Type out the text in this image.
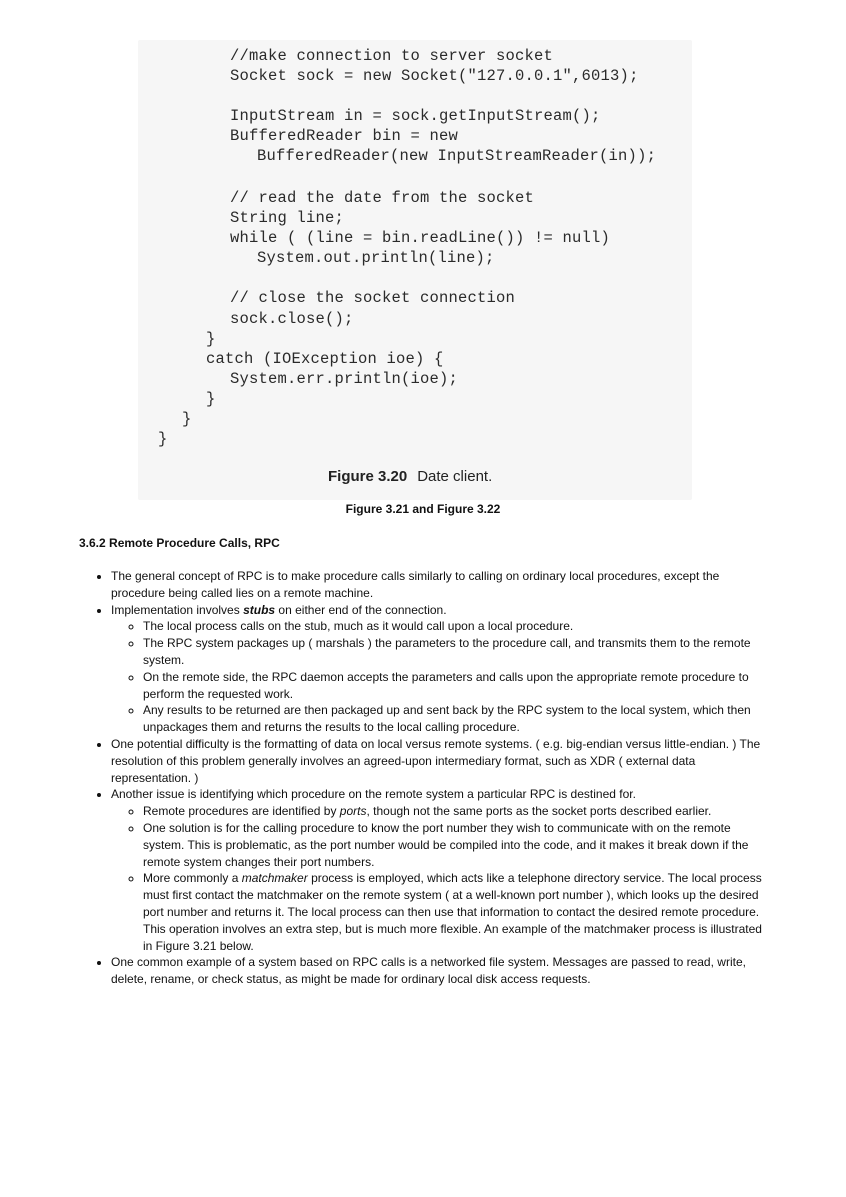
//make connection to server socket
Socket sock = new Socket("127.0.0.1",6013);
InputStream in = sock.getInputStream();
BufferedReader bin = new
BufferedReader(new InputStreamReader(in));
// read the date from the socket
String line;
while ( (line = bin.readLine()) != null)
System.out.println(line);
// close the socket connection
sock.close();
}
catch (IOException ioe) {
System.err.println(ioe);
}
}
}
Figure 3.20 Date client.
Figure 3.21 and Figure 3.22
3.6.2 Remote Procedure Calls, RPC
• The general concept of RPC is to make procedure calls similarly to calling on ordinary local procedures, except the procedure being called lies on a remote machine.
• Implementation involves stubs on either end of the connection.
◦ The local process calls on the stub, much as it would call upon a local procedure.
◦ The RPC system packages up ( marshals ) the parameters to the procedure call, and transmits them to the remote system.
◦ On the remote side, the RPC daemon accepts the parameters and calls upon the appropriate remote procedure to perform the requested work.
◦ Any results to be returned are then packaged up and sent back by the RPC system to the local system, which then unpackages them and returns the results to the local calling procedure.
• One potential difficulty is the formatting of data on local versus remote systems. ( e.g. big-endian versus little-endian. ) The resolution of this problem generally involves an agreed-upon intermediary format, such as XDR ( external data representation. )
• Another issue is identifying which procedure on the remote system a particular RPC is destined for.
◦ Remote procedures are identified by ports, though not the same ports as the socket ports described earlier.
◦ One solution is for the calling procedure to know the port number they wish to communicate with on the remote system. This is problematic, as the port number would be compiled into the code, and it makes it break down if the remote system changes their port numbers.
◦ More commonly a matchmaker process is employed, which acts like a telephone directory service. The local process must first contact the matchmaker on the remote system ( at a well-known port number ), which looks up the desired port number and returns it. The local process can then use that information to contact the desired remote procedure. This operation involves an extra step, but is much more flexible. An example of the matchmaker process is illustrated in Figure 3.21 below.
• One common example of a system based on RPC calls is a networked file system. Messages are passed to read, write, delete, rename, or check status, as might be made for ordinary local disk access requests.
